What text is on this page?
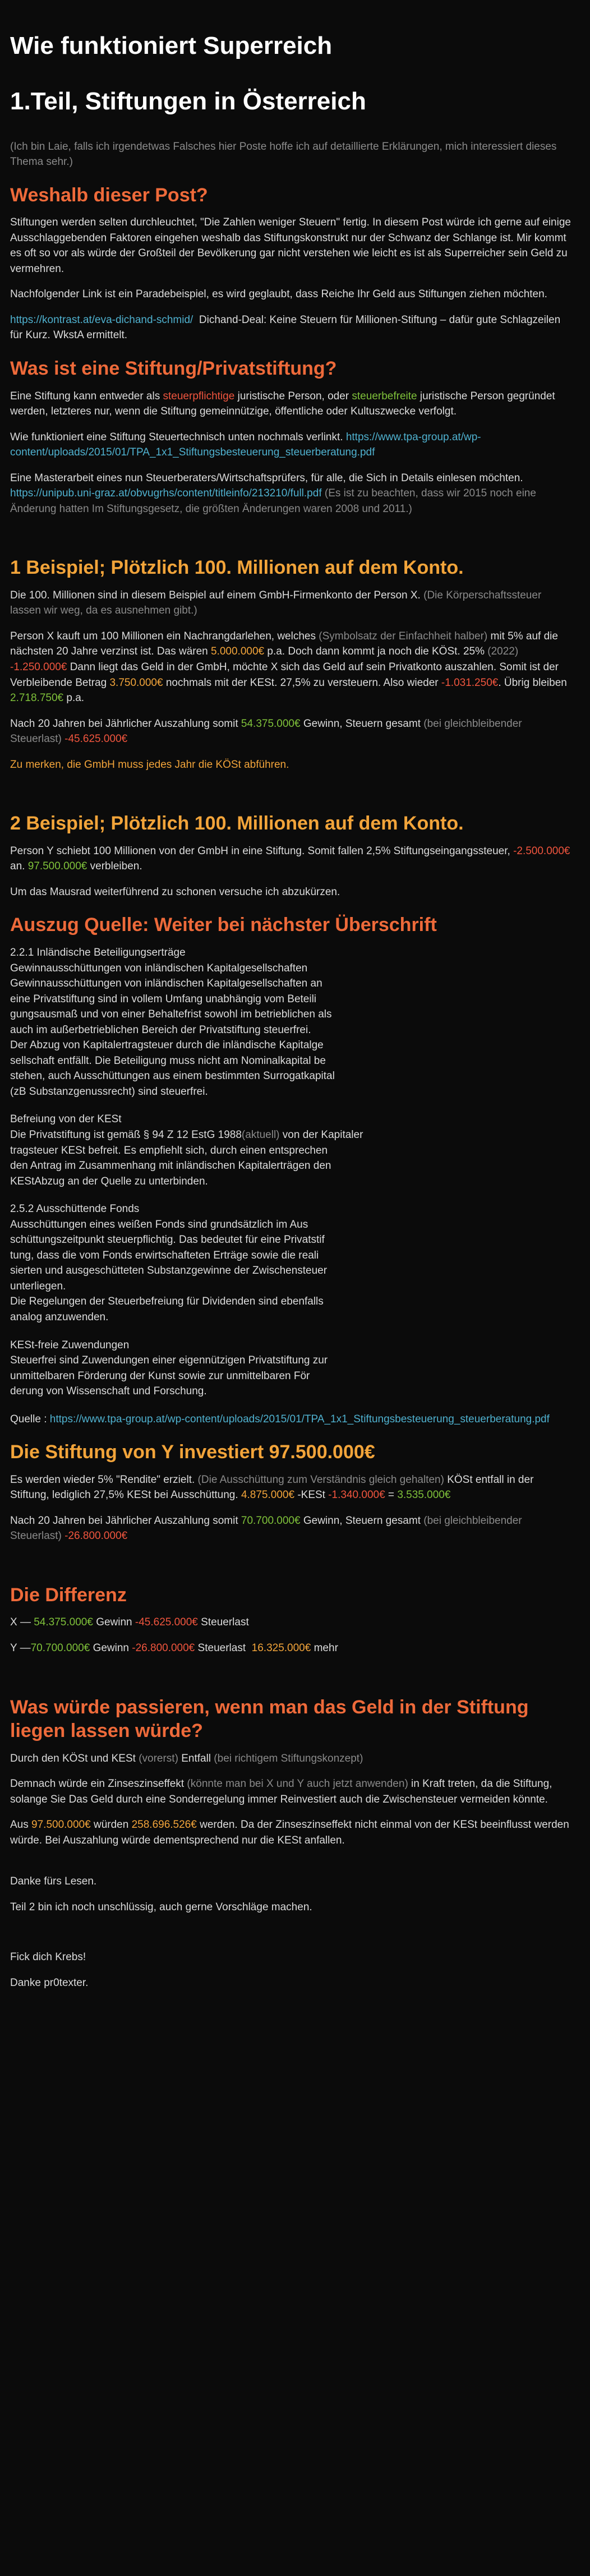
Wie funktioniert Superreich
1.Teil, Stiftungen in Österreich

(Ich bin Laie, falls ich irgendetwas Falsches hier Poste hoffe ich auf detaillierte Erklärungen, mich interessiert dieses Thema sehr.)

Weshalb dieser Post?

Stiftungen werden selten durchleuchtet, "Die Zahlen weniger Steuern" fertig. In diesem Post würde ich gerne auf einige Ausschlaggebenden Faktoren eingehen weshalb das Stiftungskonstrukt nur der Schwanz der Schlange ist. Mir kommt es oft so vor als würde der Großteil der Bevölkerung gar nicht verstehen wie leicht es ist als Superreicher sein Geld zu vermehren.

Nachfolgender Link ist ein Paradebeispiel, es wird geglaubt, dass Reiche Ihr Geld aus Stiftungen ziehen möchten.

https://kontrast.at/eva-dichand-schmid/ Dichand-Deal: Keine Steuern für Millionen-Stiftung – dafür gute Schlagzeilen für Kurz. WkstA ermittelt.

Was ist eine Stiftung/Privatstiftung?

Eine Stiftung kann entweder als steuerpflichtige juristische Person, oder steuerbefreite juristische Person gegründet werden, letzteres nur, wenn die Stiftung gemeinnützige, öffentliche oder Kultuszwecke verfolgt.

Wie funktioniert eine Stiftung Steuertechnisch unten nochmals verlinkt. https://www.tpa-group.at/wp-content/uploads/2015/01/TPA_1x1_Stiftungsbesteuerung_steuerberatung.pdf

Eine Masterarbeit eines nun Steuerberaters/Wirtschaftsprüfers, für alle, die Sich in Details einlesen möchten. https://unipub.uni-graz.at/obvugrhs/content/titleinfo/213210/full.pdf (Es ist zu beachten, dass wir 2015 noch eine Änderung hatten Im Stiftungsgesetz, die größten Änderungen waren 2008 und 2011.)

1 Beispiel; Plötzlich 100. Millionen auf dem Konto.

Die 100. Millionen sind in diesem Beispiel auf einem GmbH-Firmenkonto der Person X. (Die Körperschaftssteuer lassen wir weg, da es ausnehmen gibt.)

Person X kauft um 100 Millionen ein Nachrangdarlehen, welches (Symbolsatz der Einfachheit halber) mit 5% auf die nächsten 20 Jahre verzinst ist. Das wären 5.000.000€ p.a. Doch dann kommt ja noch die KÖSt. 25% (2022) -1.250.000€ Dann liegt das Geld in der GmbH, möchte X sich das Geld auf sein Privatkonto auszahlen. Somit ist der Verbleibende Betrag 3.750.000€ nochmals mit der KESt. 27,5% zu versteuern. Also wieder -1.031.250€. Übrig bleiben 2.718.750€ p.a.

Nach 20 Jahren bei Jährlicher Auszahlung somit 54.375.000€ Gewinn, Steuern gesamt (bei gleichbleibender Steuerlast) -45.625.000€

Zu merken, die GmbH muss jedes Jahr die KÖSt abführen.

2 Beispiel; Plötzlich 100. Millionen auf dem Konto.

Person Y schiebt 100 Millionen von der GmbH in eine Stiftung. Somit fallen 2,5% Stiftungseingangssteuer, -2.500.000€ an. 97.500.000€ verbleiben.

Um das Mausrad weiterführend zu schonen versuche ich abzukürzen.

Auszug Quelle: Weiter bei nächster Überschrift
2.2.1 Inländische Beteiligungserträge
Gewinnausschüttungen von inländischen Kapitalgesellschaften
Gewinnausschüttungen von inländischen Kapitalgesellschaften an
eine Privatstiftung sind in vollem Umfang unabhängig vom Beteili
gungsausmaß und von einer Behaltefrist sowohl im betrieblichen als
auch im außerbetrieblichen Bereich der Privatstiftung steuerfrei.
Der Abzug von Kapitalertragsteuer durch die inländische Kapitalge
sellschaft entfällt. Die Beteiligung muss nicht am Nominalkapital be
stehen, auch Ausschüttungen aus einem bestimmten Surrogatkapital
(zB Substanzgenussrecht) sind steuerfrei.
Befreiung von der KESt
Die Privatstiftung ist gemäß § 94 Z 12 EstG 1988(aktuell) von der Kapitaler
tragsteuer KESt befreit. Es empfiehlt sich, durch einen entsprechen
den Antrag im Zusammenhang mit inländischen Kapitalerträgen den
KEStAbzug an der Quelle zu unterbinden.
2.5.2 Ausschüttende Fonds
Ausschüttungen eines weißen Fonds sind grundsätzlich im Aus
schüttungszeitpunkt steuerpflichtig. Das bedeutet für eine Privatstif
tung, dass die vom Fonds erwirtschafteten Erträge sowie die reali
sierten und ausgeschütteten Substanzgewinne der Zwischensteuer
unterliegen.
Die Regelungen der Steuerbefreiung für Dividenden sind ebenfalls
analog anzuwenden.
KESt-freie Zuwendungen
Steuerfrei sind Zuwendungen einer eigennützigen Privatstiftung zur
unmittelbaren Förderung der Kunst sowie zur unmittelbaren För
derung von Wissenschaft und Forschung.

Quelle : https://www.tpa-group.at/wp-content/uploads/2015/01/TPA_1x1_Stiftungsbesteuerung_steuerberatung.pdf

Die Stiftung von Y investiert 97.500.000€

Es werden wieder 5% "Rendite" erzielt. (Die Ausschüttung zum Verständnis gleich gehalten) KÖSt entfall in der Stiftung, lediglich 27,5% KESt bei Ausschüttung. 4.875.000€ -KESt -1.340.000€ = 3.535.000€

Nach 20 Jahren bei Jährlicher Auszahlung somit 70.700.000€ Gewinn, Steuern gesamt (bei gleichbleibender Steuerlast) -26.800.000€

Die Differenz

X — 54.375.000€ Gewinn -45.625.000€ Steuerlast

Y —70.700.000€ Gewinn -26.800.000€ Steuerlast 16.325.000€ mehr

Was würde passieren, wenn man das Geld in der Stiftung liegen lassen würde?

Durch den KÖSt und KESt (vorerst) Entfall (bei richtigem Stiftungskonzept)

Demnach würde ein Zinseszinseffekt (könnte man bei X und Y auch jetzt anwenden) in Kraft treten, da die Stiftung, solange Sie Das Geld durch eine Sonderregelung immer Reinvestiert auch die Zwischensteuer vermeiden könnte.

Aus 97.500.000€ würden 258.696.526€ werden. Da der Zinseszinseffekt nicht einmal von der KESt beeinflusst werden würde. Bei Auszahlung würde dementsprechend nur die KESt anfallen.

Danke fürs Lesen.

Teil 2 bin ich noch unschlüssig, auch gerne Vorschläge machen.

Fick dich Krebs!

Danke pr0texter.
